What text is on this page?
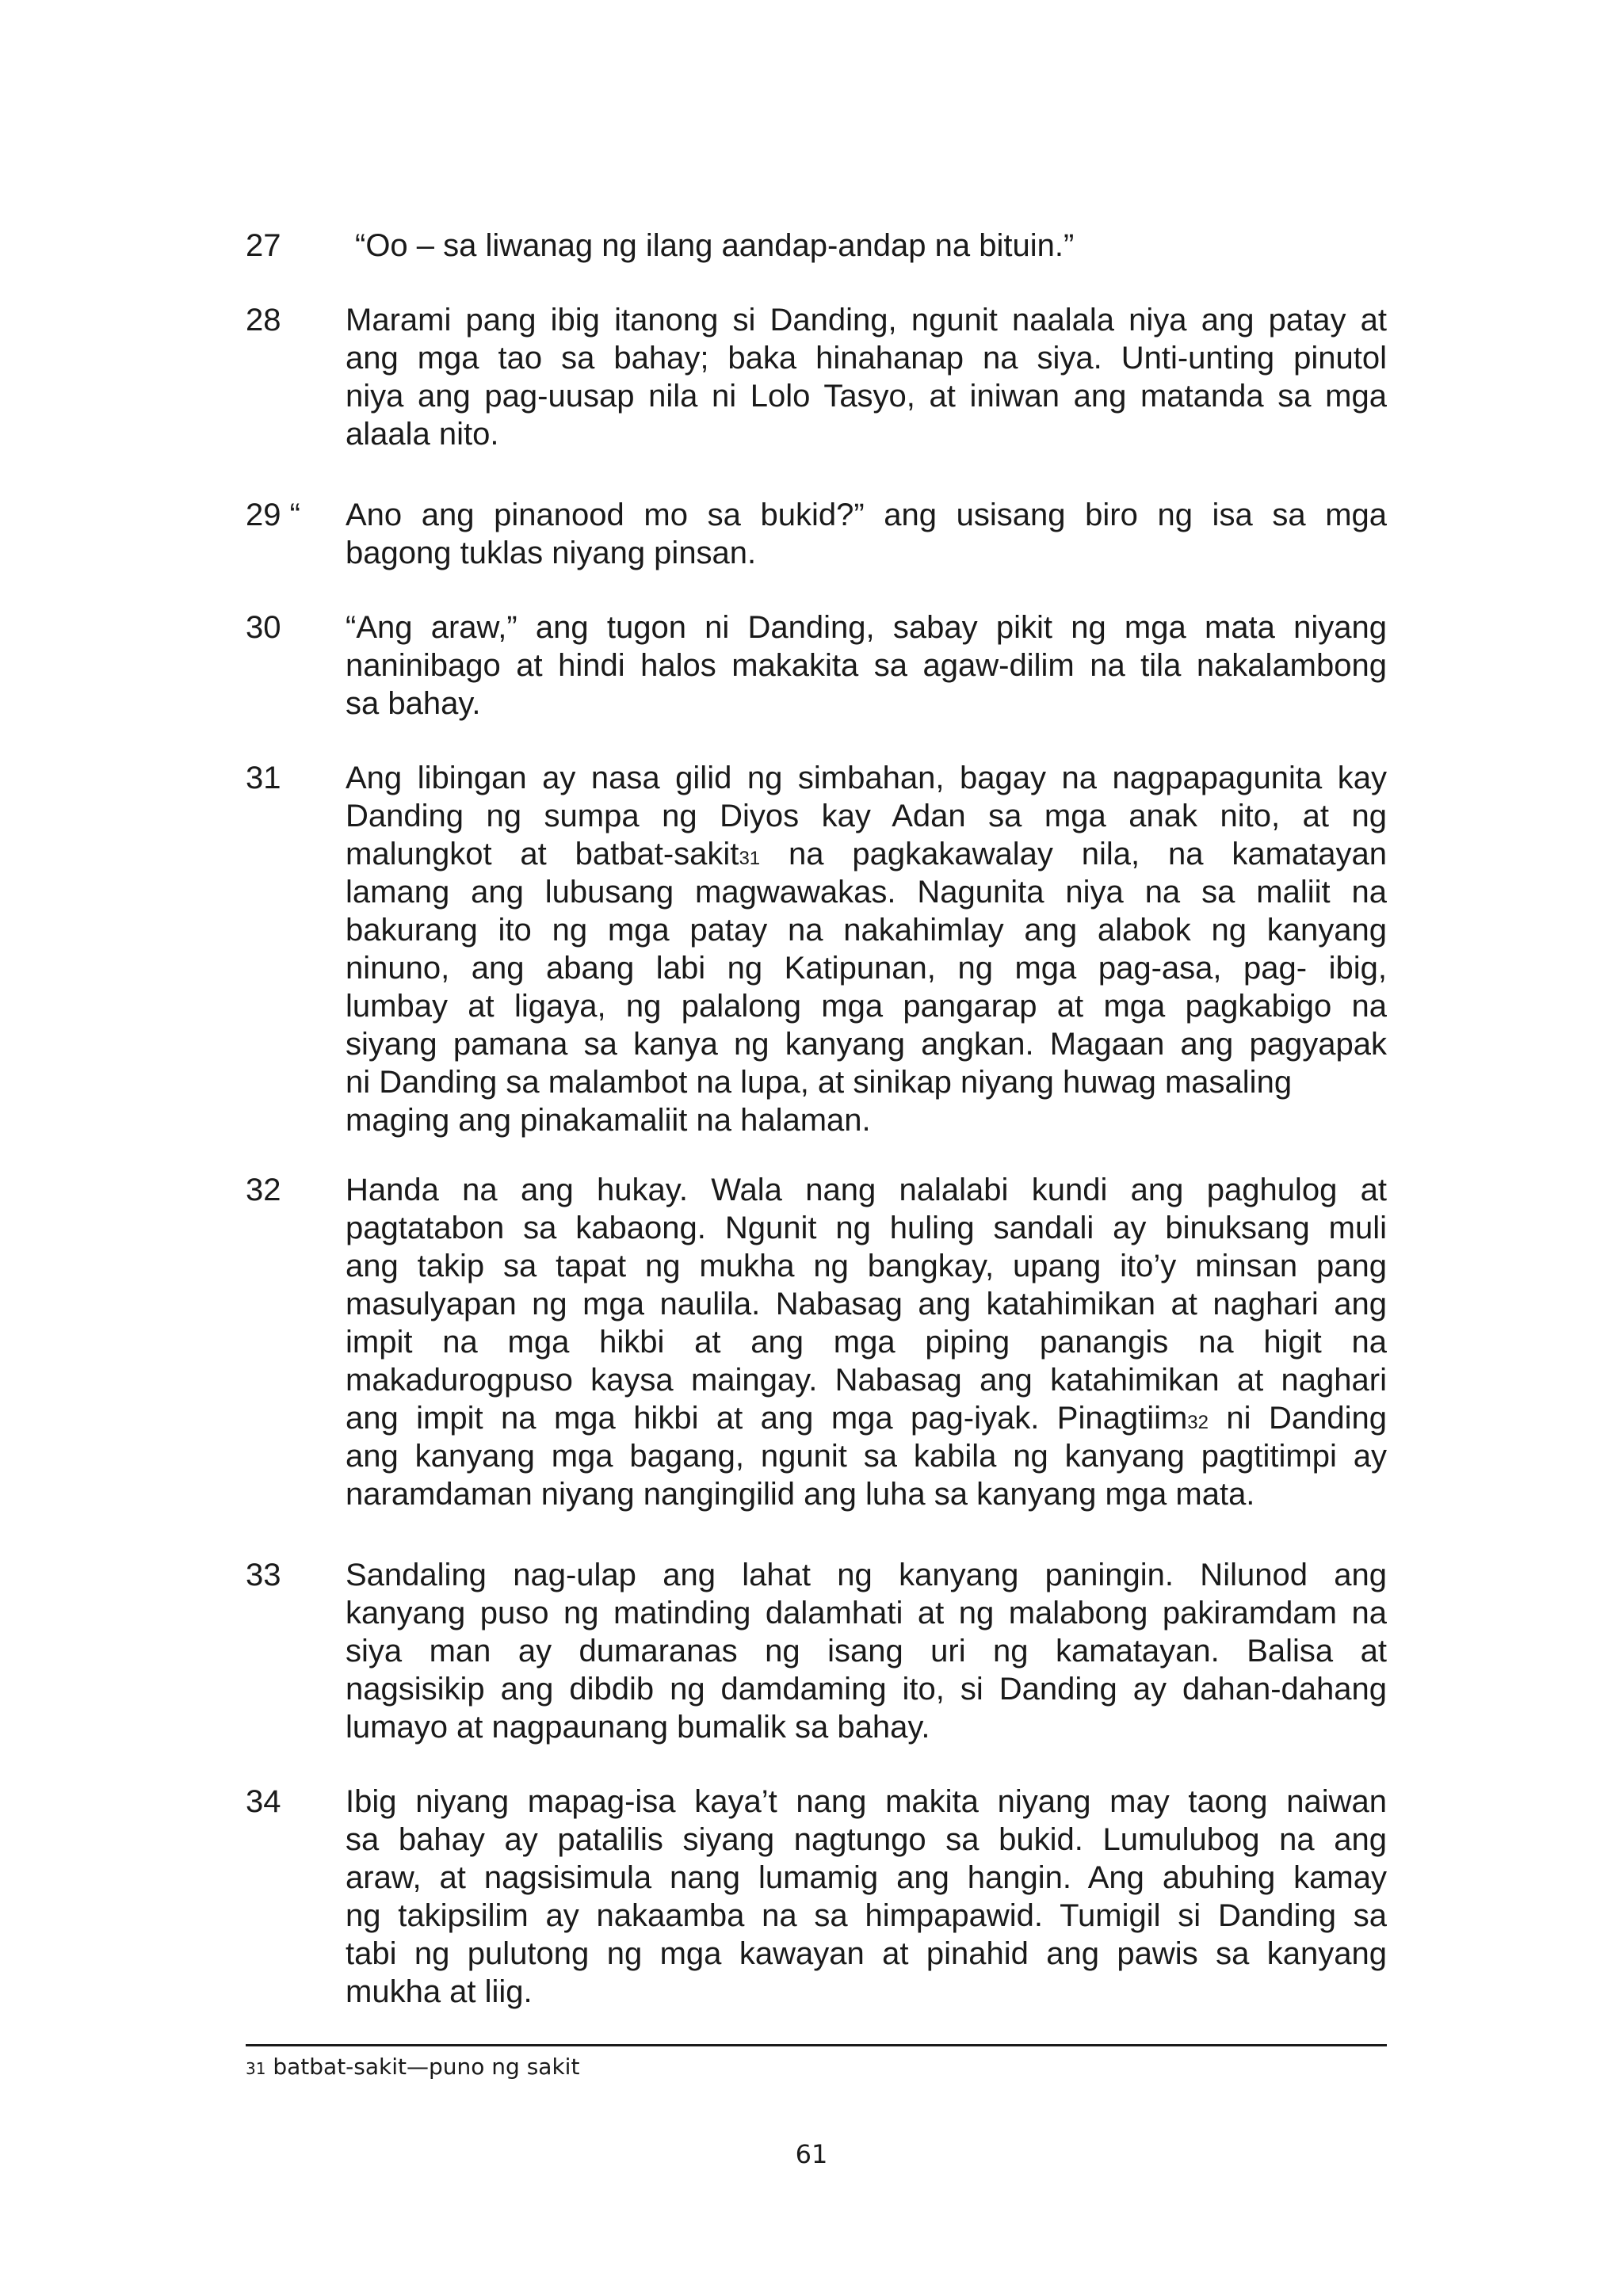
27	“Oo – sa liwanag ng ilang aandap-andap na bituin.”
28	Marami pang ibig itanong si Danding, ngunit naalala niya ang patay at
ang mga tao sa bahay; baka hinahanap na siya. Unti-unting pinutol
niya ang pag-uusap nila ni Lolo Tasyo, at iniwan ang matanda sa mga
alaala nito.
29 “	Ano ang pinanood mo sa bukid?” ang usisang biro ng isa sa mga
bagong tuklas niyang pinsan.
30	“Ang araw,” ang tugon ni Danding, sabay pikit ng mga mata niyang
naninibago at hindi halos makakita sa agaw-dilim na tila nakalambong
sa bahay.
31	Ang libingan ay nasa gilid ng simbahan, bagay na nagpapagunita kay
Danding ng sumpa ng Diyos kay Adan sa mga anak nito, at ng
malungkot at batbat-sakit31 na pagkakawalay nila, na kamatayan
lamang ang lubusang magwawakas. Nagunita niya na sa maliit na
bakurang ito ng mga patay na nakahimlay ang alabok ng kanyang
ninuno, ang abang labi ng Katipunan, ng mga pag-asa, pag- ibig,
lumbay at ligaya, ng palalong mga pangarap at mga pagkabigo na
siyang pamana sa kanya ng kanyang angkan. Magaan ang pagyapak
ni Danding sa malambot na lupa, at sinikap niyang huwag masaling
maging ang pinakamaliit na halaman.
32	Handa na ang hukay. Wala nang nalalabi kundi ang paghulog at
pagtatabon sa kabaong. Ngunit ng huling sandali ay binuksang muli
ang takip sa tapat ng mukha ng bangkay, upang ito’y minsan pang
masulyapan ng mga naulila. Nabasag ang katahimikan at naghari ang
impit na mga hikbi at ang mga piping panangis na higit na
makadurogpuso kaysa maingay. Nabasag ang katahimikan at naghari
ang impit na mga hikbi at ang mga pag-iyak. Pinagtiim32 ni Danding
ang kanyang mga bagang, ngunit sa kabila ng kanyang pagtitimpi ay
naramdaman niyang nangingilid ang luha sa kanyang mga mata.
33	Sandaling nag-ulap ang lahat ng kanyang paningin. Nilunod ang
kanyang puso ng matinding dalamhati at ng malabong pakiramdam na
siya man ay dumaranas ng isang uri ng kamatayan. Balisa at
nagsisikip ang dibdib ng damdaming ito, si Danding ay dahan-dahang
lumayo at nagpaunang bumalik sa bahay.
34	Ibig niyang mapag-isa kaya’t nang makita niyang may taong naiwan
sa bahay ay patalilis siyang nagtungo sa bukid. Lumulubog na ang
araw, at nagsisimula nang lumamig ang hangin. Ang abuhing kamay
ng takipsilim ay nakaamba na sa himpapawid. Tumigil si Danding sa
tabi ng pulutong ng mga kawayan at pinahid ang pawis sa kanyang
mukha at liig.
31 batbat-sakit—puno ng sakit
61
